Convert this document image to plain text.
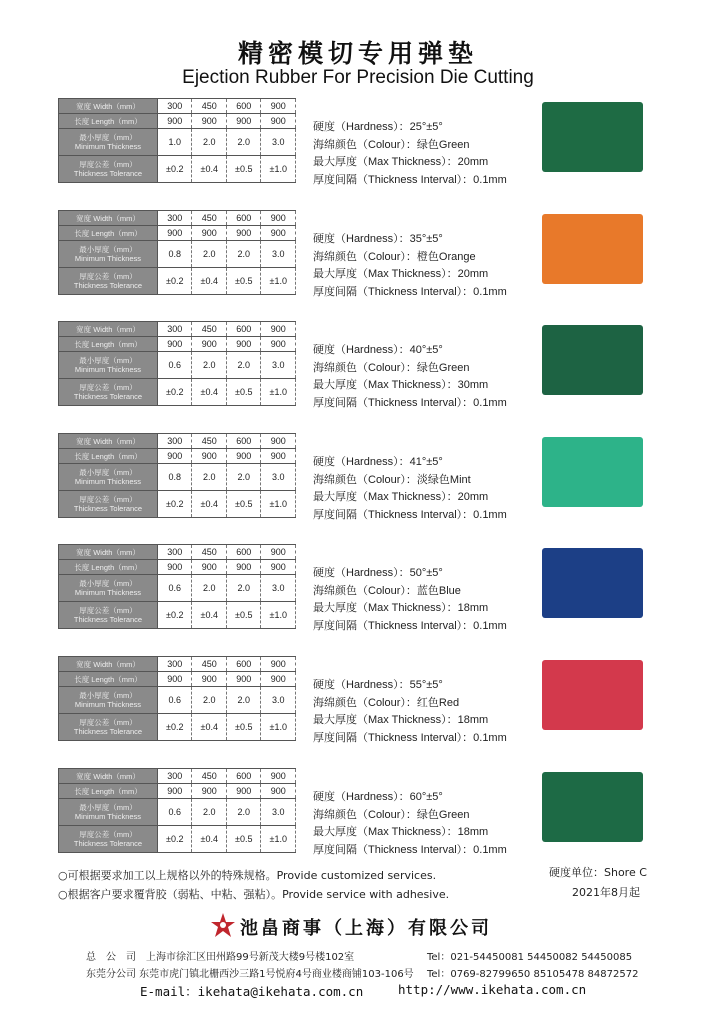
精密模切专用弹垫
Ejection Rubber For Precision Die Cutting
宽度 Width（mm）	300	450	600	900
长度 Length（mm）	900	900	900	900

最小厚度（mm）
Minimum Thickness	1.0	2.0	2.0	3.0

厚度公差（mm）
Thickness Tolerance	±0.2	±0.4	±0.5	±1.0
硬度（Hardness）：25°±5°
海绵颜色（Colour）：绿色Green
最大厚度（Max Thickness）：20mm
厚度间隔（Thickness Interval）：0.1mm
宽度 Width（mm）	300	450	600	900
长度 Length（mm）	900	900	900	900

最小厚度（mm）
Minimum Thickness	0.8	2.0	2.0	3.0

厚度公差（mm）
Thickness Tolerance	±0.2	±0.4	±0.5	±1.0
硬度（Hardness）：35°±5°
海绵颜色（Colour）：橙色Orange
最大厚度（Max Thickness）：20mm
厚度间隔（Thickness Interval）：0.1mm
宽度 Width（mm）	300	450	600	900
长度 Length（mm）	900	900	900	900

最小厚度（mm）
Minimum Thickness	0.6	2.0	2.0	3.0

厚度公差（mm）
Thickness Tolerance	±0.2	±0.4	±0.5	±1.0
硬度（Hardness）：40°±5°
海绵颜色（Colour）：绿色Green
最大厚度（Max Thickness）：30mm
厚度间隔（Thickness Interval）：0.1mm
宽度 Width（mm）	300	450	600	900
长度 Length（mm）	900	900	900	900

最小厚度（mm）
Minimum Thickness	0.8	2.0	2.0	3.0

厚度公差（mm）
Thickness Tolerance	±0.2	±0.4	±0.5	±1.0
硬度（Hardness）：41°±5°
海绵颜色（Colour）：淡绿色Mint
最大厚度（Max Thickness）：20mm
厚度间隔（Thickness Interval）：0.1mm
宽度 Width（mm）	300	450	600	900
长度 Length（mm）	900	900	900	900

最小厚度（mm）
Minimum Thickness	0.6	2.0	2.0	3.0

厚度公差（mm）
Thickness Tolerance	±0.2	±0.4	±0.5	±1.0
硬度（Hardness）：50°±5°
海绵颜色（Colour）：蓝色Blue
最大厚度（Max Thickness）：18mm
厚度间隔（Thickness Interval）：0.1mm
宽度 Width（mm）	300	450	600	900
长度 Length（mm）	900	900	900	900

最小厚度（mm）
Minimum Thickness	0.6	2.0	2.0	3.0

厚度公差（mm）
Thickness Tolerance	±0.2	±0.4	±0.5	±1.0
硬度（Hardness）：55°±5°
海绵颜色（Colour）：红色Red
最大厚度（Max Thickness）：18mm
厚度间隔（Thickness Interval）：0.1mm
宽度 Width（mm）	300	450	600	900
长度 Length（mm）	900	900	900	900

最小厚度（mm）
Minimum Thickness	0.6	2.0	2.0	3.0

厚度公差（mm）
Thickness Tolerance	±0.2	±0.4	±0.5	±1.0
硬度（Hardness）：60°±5°
海绵颜色（Colour）：绿色Green
最大厚度（Max Thickness）：18mm
厚度间隔（Thickness Interval）：0.1mm
○可根据要求加工以上规格以外的特殊规格。Provide customized services.
○根据客户要求覆背胶（弱粘、中粘、强粘）。Provide service with adhesive.
硬度单位：Shore C
2021年8月起
池畠商事（上海）有限公司
总　公　司　上海市徐汇区田州路99号新茂大楼9号楼102室	Tel：021-54450081 54450082 54450085
东莞分公司 东莞市虎门镇北栅西沙三路1号悦府4号商业楼商铺103-106号 Tel：0769-82799650 85105478 84872572
E-mail：ikehata@ikehata.com.cn	http://www.ikehata.com.cn
